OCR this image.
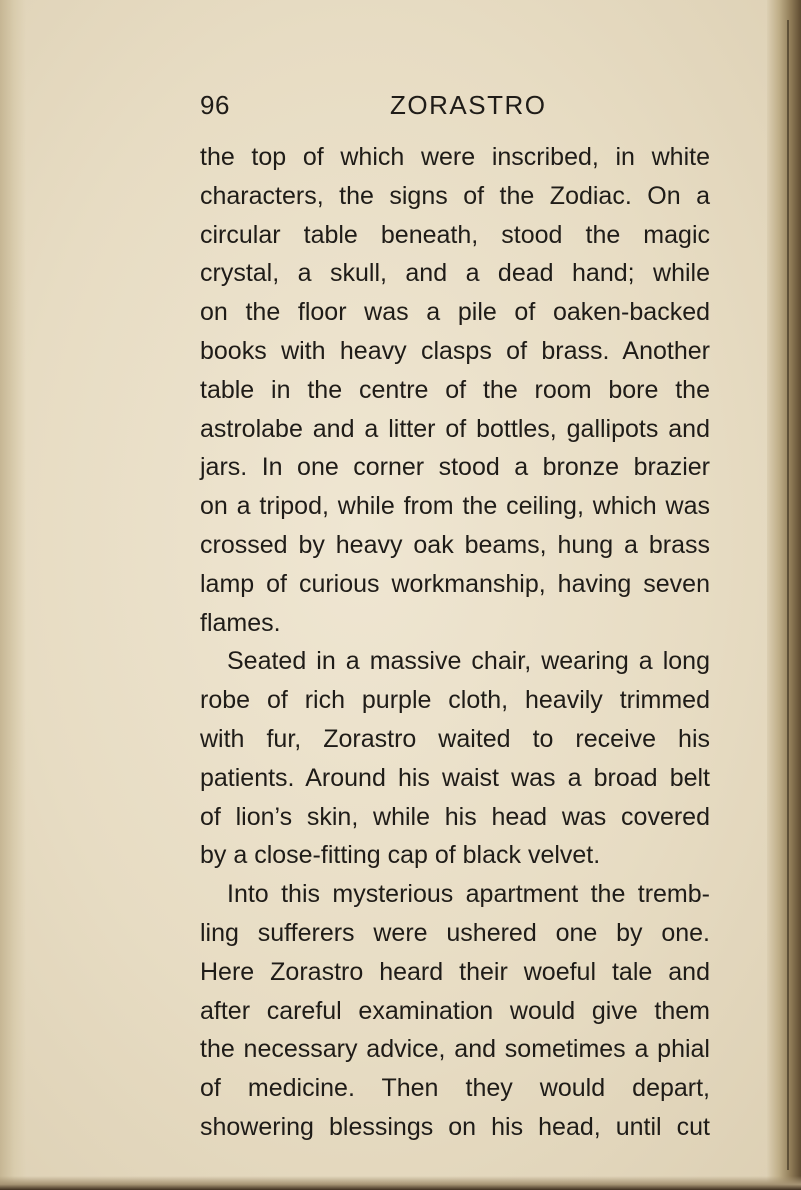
96	ZORASTRO
the top of which were inscribed, in white
characters, the signs of the Zodiac. On a
circular table beneath, stood the magic
crystal, a skull, and a dead hand; while
on the floor was a pile of oaken-backed
books with heavy clasps of brass. Another
table in the centre of the room bore the
astrolabe and a litter of bottles, gallipots and
jars. In one corner stood a bronze brazier
on a tripod, while from the ceiling, which was
crossed by heavy oak beams, hung a brass
lamp of curious workmanship, having seven
flames.
Seated in a massive chair, wearing a long
robe of rich purple cloth, heavily trimmed
with fur, Zorastro waited to receive his
patients. Around his waist was a broad belt
of lion’s skin, while his head was covered
by a close-fitting cap of black velvet.
Into this mysterious apartment the tremb-
ling sufferers were ushered one by one.
Here Zorastro heard their woeful tale and
after careful examination would give them
the necessary advice, and sometimes a phial
of medicine. Then they would depart,
showering blessings on his head, until cut
